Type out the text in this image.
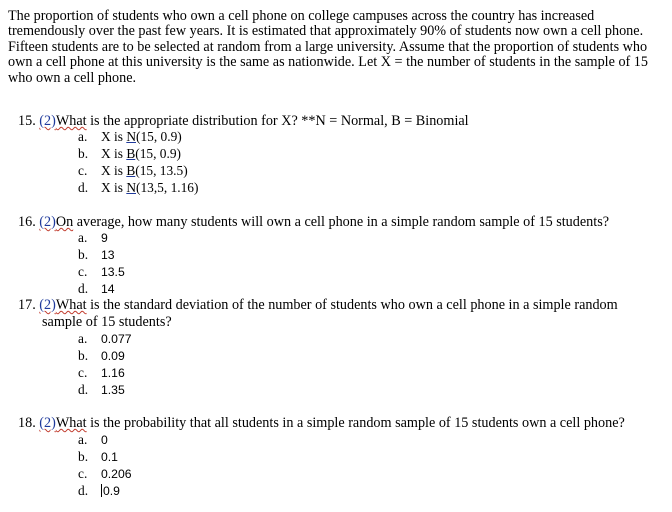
The proportion of students who own a cell phone on college campuses across the country has increased tremendously over the past few years. It is estimated that approximately 90% of students now own a cell phone. Fifteen students are to be selected at random from a large university. Assume that the proportion of students who own a cell phone at this university is the same as nationwide. Let X = the number of students in the sample of 15 who own a cell phone.

15. (2)What is the appropriate distribution for X? **N = Normal, B = Binomial
a. X is N(15, 0.9)
b. X is B(15, 0.9)
c. X is B(15, 13.5)
d. X is N(13,5, 1.16)
16. (2)On average, how many students will own a cell phone in a simple random sample of 15 students?
a. 9
b. 13
c. 13.5
d. 14
17. (2)What is the standard deviation of the number of students who own a cell phone in a simple random
sample of 15 students?
a. 0.077
b. 0.09
c. 1.16
d. 1.35
18. (2)What is the probability that all students in a simple random sample of 15 students own a cell phone?
a. 0
b. 0.1
c. 0.206
d. 0.9
